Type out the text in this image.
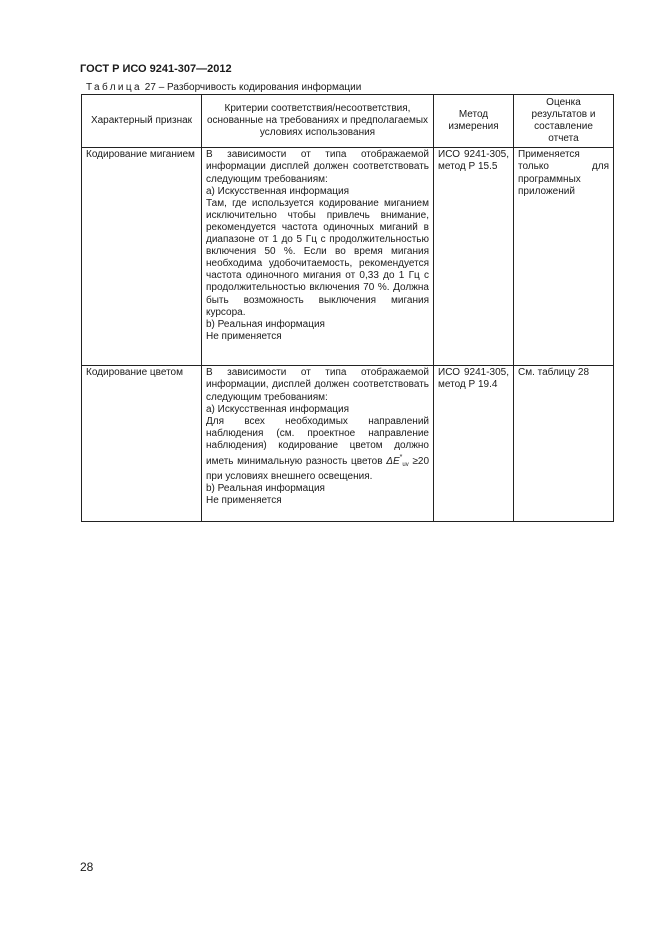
ГОСТ Р ИСО 9241-307—2012
Таблица 27 – Разборчивость кодирования информации
Характерный признак	Критерии соответствия/несоответствия, основанные на требованиях и предполагаемых условиях использования	Метод измерения	Оценка результатов и составление отчета
Кодирование миганием	В зависимости от типа отображаемой информации дисплей должен соответствовать следующим требованиям:
a) Искусственная информация
Там, где используется кодирование миганием исключительно чтобы привлечь внимание, рекомендуется частота одиночных миганий в диапазоне от 1 до 5 Гц с продолжительностью включения 50 %. Если во время мигания необходима удобочитаемость, рекомендуется частота одиночного мигания от 0,33 до 1 Гц с продолжительностью включения 70 %. Должна быть возможность выключения мигания курсора.
b) Реальная информация
Не применяется	ИСО 9241-305, метод Р 15.5	Применяется только для программных приложений
Кодирование цветом	В зависимости от типа отображаемой информации, дисплей должен соответствовать следующим требованиям:
a) Искусственная информация
Для всех необходимых направлений наблюдения (см. проектное направление наблюдения) кодирование цветом должно иметь минимальную разность цветов $\Delta E^*_{uv} \ge 20$ при условиях внешнего освещения.
b) Реальная информация
Не применяется	ИСО 9241-305, метод Р 19.4	См. таблицу 28
28
